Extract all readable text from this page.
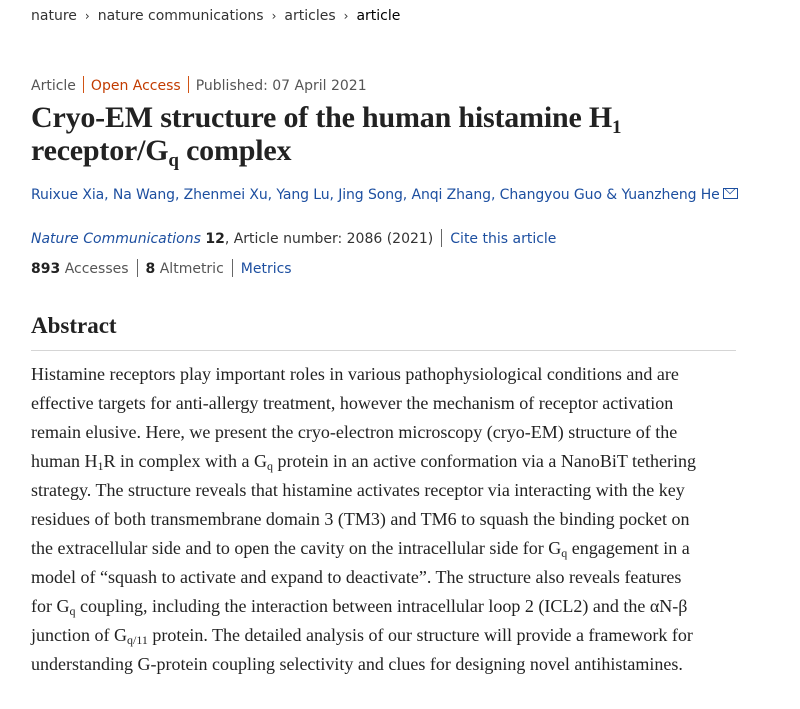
nature › nature communications › articles › article
Article Open Access Published: 07 April 2021
Cryo-EM structure of the human histamine $H_1$
receptor/$G_q$ complex
Ruixue Xia, Na Wang, Zhenmei Xu, Yang Lu, Jing Song, Anqi Zhang, Changyou Guo & Yuanzheng He
Nature Communications 12, Article number: 2086 (2021) Cite this article
893 Accesses 8 Altmetric Metrics
Abstract

Histamine receptors play important roles in various pathophysiological conditions and are
effective targets for anti-allergy treatment, however the mechanism of receptor activation
remain elusive. Here, we present the cryo-electron microscopy (cryo-EM) structure of the
human $H_1R$ in complex with a $G_q$ protein in an active conformation via a NanoBiT tethering
strategy. The structure reveals that histamine activates receptor via interacting with the key
residues of both transmembrane domain 3 (TM3) and TM6 to squash the binding pocket on
the extracellular side and to open the cavity on the intracellular side for $G_q$ engagement in a
model of “squash to activate and expand to deactivate”. The structure also reveals features
for $G_q$ coupling, including the interaction between intracellular loop 2 (ICL2) and the αN-β
junction of $G_{q/11}$ protein. The detailed analysis of our structure will provide a framework for
understanding G-protein coupling selectivity and clues for designing novel antihistamines.
